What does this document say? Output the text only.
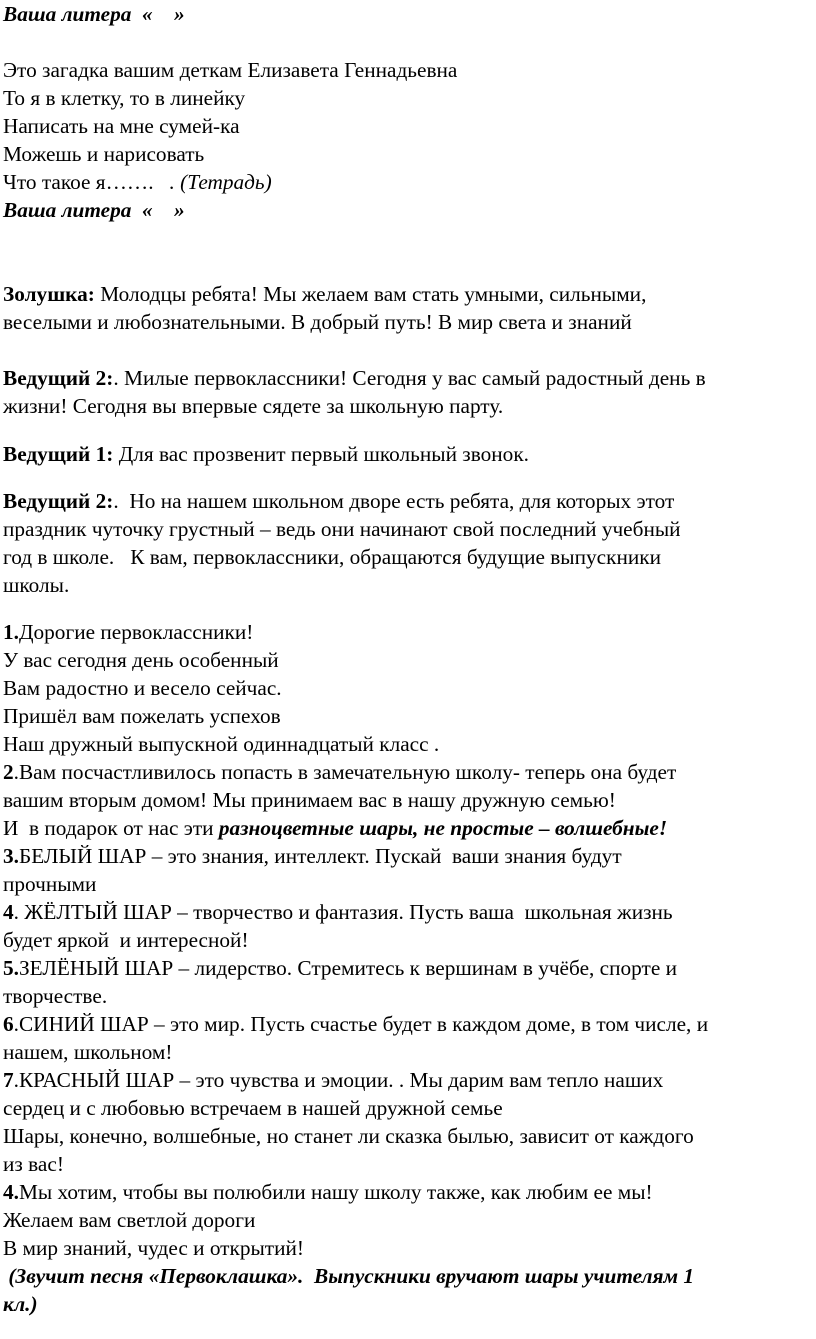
Ваша литера  «    »
Это загадка вашим деткам Елизавета Геннадьевна
То я в клетку, то в линейку
Написать на мне сумей-ка
Можешь и нарисовать
Что такое я…….   . (Тетрадь)
Ваша литера  «    »
Золушка: Молодцы ребята! Мы желаем вам стать умными, сильными,
веселыми и любознательными. В добрый путь! В мир света и знаний
Ведущий 2:. Милые первоклассники! Сегодня у вас самый радостный день в
жизни! Сегодня вы впервые сядете за школьную парту.
Ведущий 1: Для вас прозвенит первый школьный звонок.
Ведущий 2:.  Но на нашем школьном дворе есть ребята, для которых этот
праздник чуточку грустный – ведь они начинают свой последний учебный
год в школе.   К вам, первоклассники, обращаются будущие выпускники
школы.
1.Дорогие первоклассники!
У вас сегодня день особенный
Вам радостно и весело сейчас.
Пришёл вам пожелать успехов
Наш дружный выпускной одиннадцатый класс .
2.Вам посчастливилось попасть в замечательную школу- теперь она будет
вашим вторым домом! Мы принимаем вас в нашу дружную семью!
И  в подарок от нас эти разноцветные шары, не простые – волшебные!
3.БЕЛЫЙ ШАР – это знания, интеллект. Пускай  ваши знания будут
прочными
4. ЖЁЛТЫЙ ШАР – творчество и фантазия. Пусть ваша  школьная жизнь
будет яркой  и интересной!
5.ЗЕЛЁНЫЙ ШАР – лидерство. Стремитесь к вершинам в учёбе, спорте и
творчестве.
6.СИНИЙ ШАР – это мир. Пусть счастье будет в каждом доме, в том числе, и
нашем, школьном!
7.КРАСНЫЙ ШАР – это чувства и эмоции. . Мы дарим вам тепло наших
сердец и с любовью встречаем в нашей дружной семье
Шары, конечно, волшебные, но станет ли сказка былью, зависит от каждого
из вас!
4.Мы хотим, чтобы вы полюбили нашу школу также, как любим ее мы!
Желаем вам светлой дороги
В мир знаний, чудес и открытий!
(Звучит песня «Первоклашка».  Выпускники вручают шары учителям 1
кл.)
